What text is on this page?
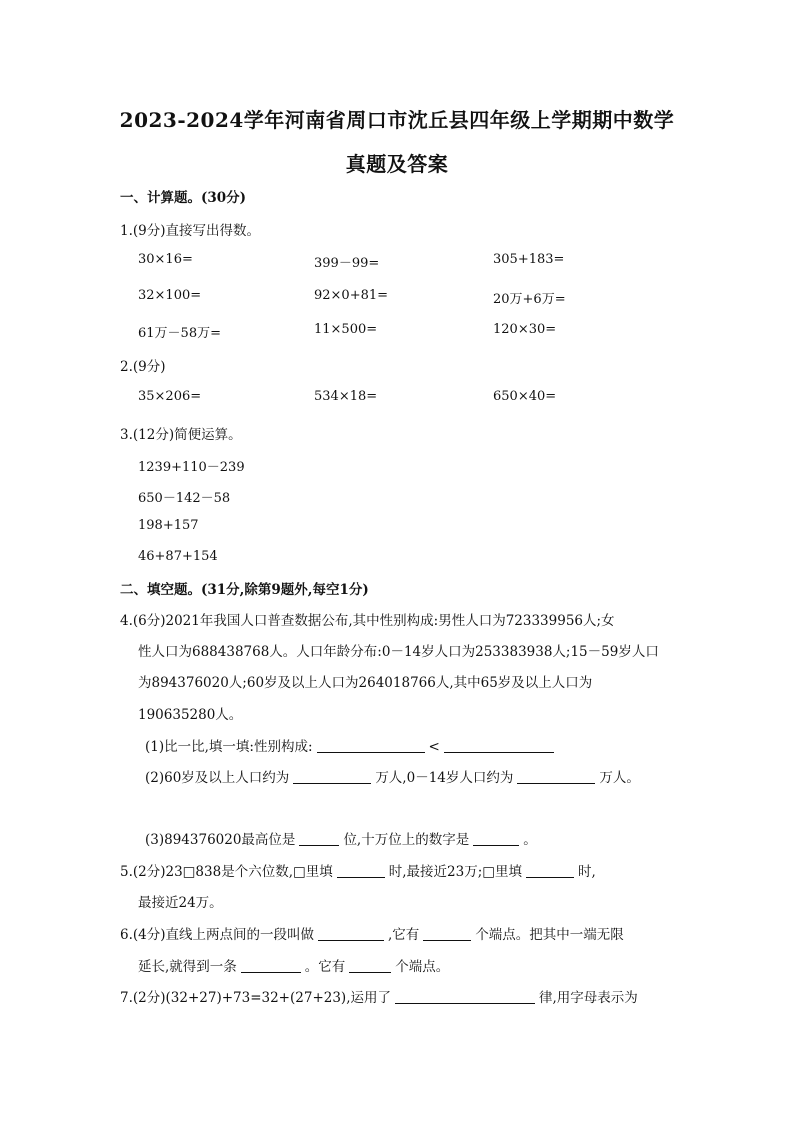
2023-2024学年河南省周口市沈丘县四年级上学期期中数学
真题及答案
一、计算题。(30分)
1.(9分)直接写出得数。
30×16=	399－99=	305+183=
32×100=	92×0+81=	20万+6万=
61万－58万=	11×500=	120×30=
2.(9分)
35×206=	534×18=	650×40=
3.(12分)简便运算。
1239+110－239
650－142－58
198+157
46+87+154
二、填空题。(31分,除第9题外,每空1分)
4.(6分)2021年我国人口普查数据公布,其中性别构成:男性人口为723339956人;女
性人口为688438768人。人口年龄分布:0－14岁人口为253383938人;15－59岁人口
为894376020人;60岁及以上人口为264018766人,其中65岁及以上人口为
190635280人。
(1)比一比,填一填:性别构成:	<
(2)60岁及以上人口约为	万人,0－14岁人口约为	万人。
(3)894376020最高位是	位,十万位上的数字是	。
5.(2分)23□838是个六位数,□里填	时,最接近23万;□里填	时,
最接近24万。
6.(4分)直线上两点间的一段叫做	,它有	个端点。把其中一端无限
延长,就得到一条	。它有	个端点。
7.(2分)(32+27)+73=32+(27+23),运用了	律,用字母表示为
